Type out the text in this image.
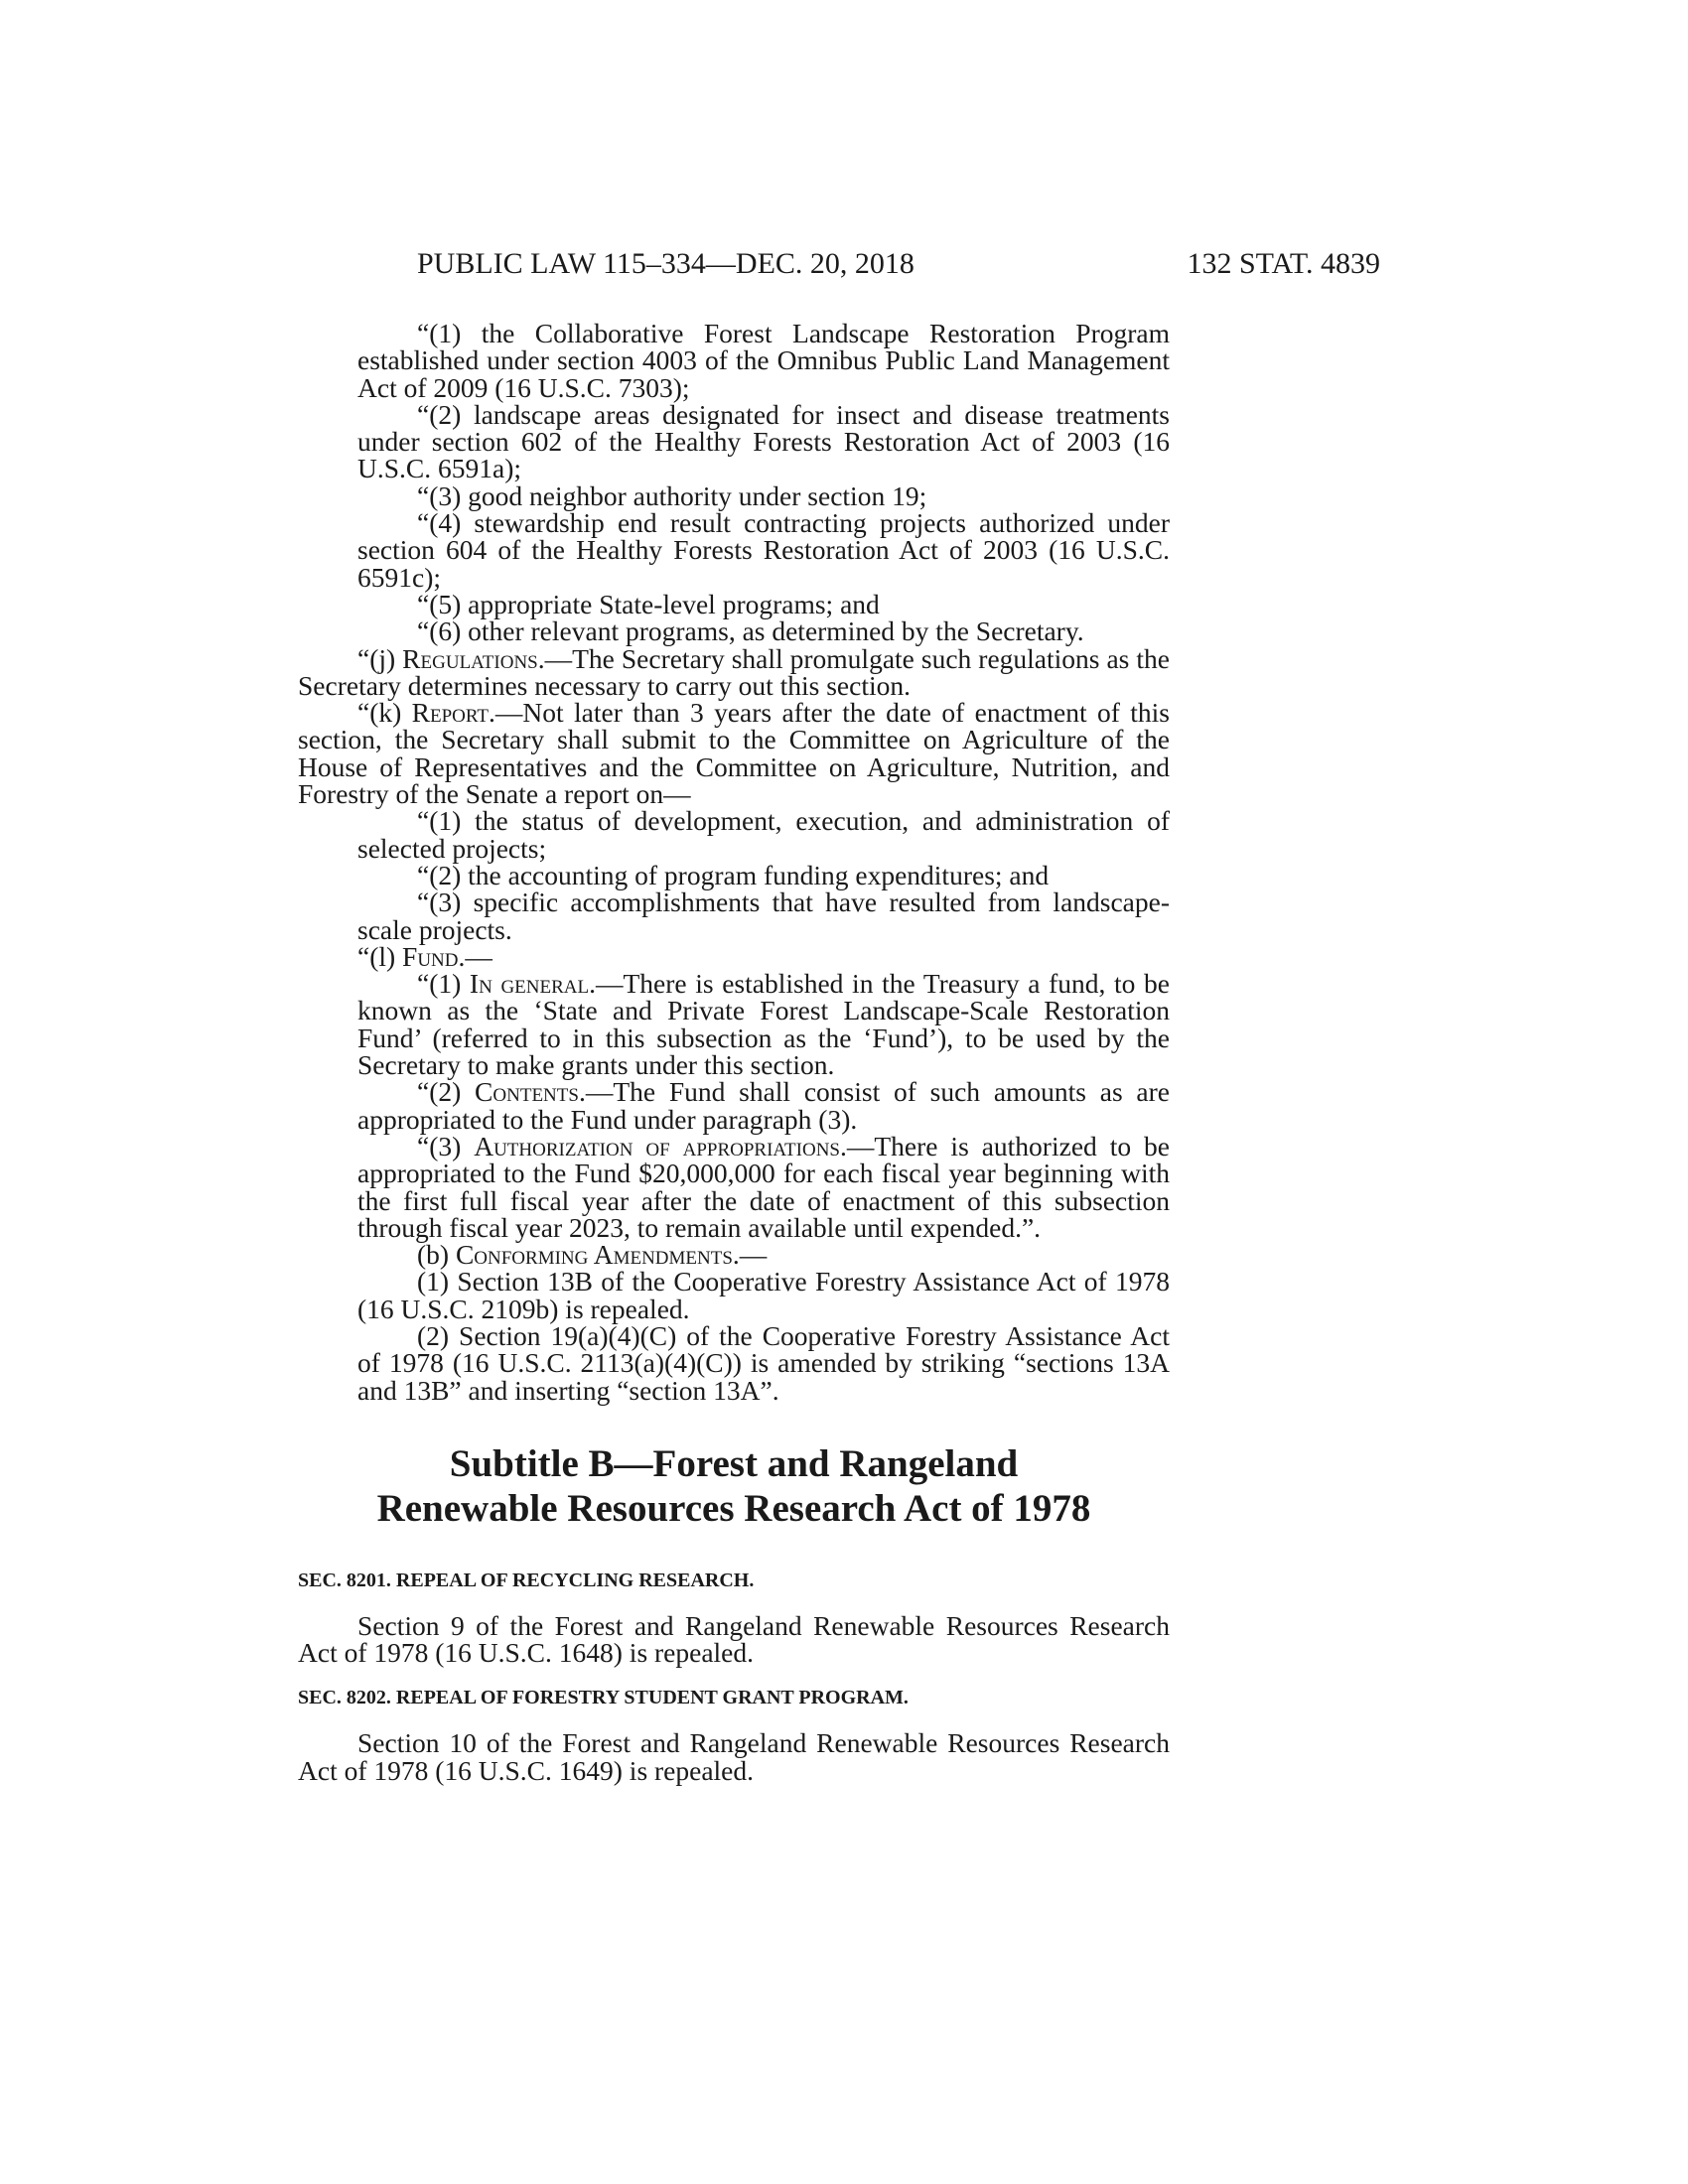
PUBLIC LAW 115–334—DEC. 20, 2018	132 STAT. 4839

“(1) the Collaborative Forest Landscape Restoration Program established under section 4003 of the Omnibus Public Land Management Act of 2009 (16 U.S.C. 7303);

“(2) landscape areas designated for insect and disease treatments under section 602 of the Healthy Forests Restoration Act of 2003 (16 U.S.C. 6591a);

“(3) good neighbor authority under section 19;

“(4) stewardship end result contracting projects authorized under section 604 of the Healthy Forests Restoration Act of 2003 (16 U.S.C. 6591c);

“(5) appropriate State-level programs; and

“(6) other relevant programs, as determined by the Secretary.

“(j) Regulations.—The Secretary shall promulgate such regulations as the Secretary determines necessary to carry out this section.

“(k) Report.—Not later than 3 years after the date of enactment of this section, the Secretary shall submit to the Committee on Agriculture of the House of Representatives and the Committee on Agriculture, Nutrition, and Forestry of the Senate a report on—

“(1) the status of development, execution, and administration of selected projects;

“(2) the accounting of program funding expenditures; and

“(3) specific accomplishments that have resulted from landscape-scale projects.

“(l) Fund.—

“(1) In general.—There is established in the Treasury a fund, to be known as the ‘State and Private Forest Landscape-Scale Restoration Fund’ (referred to in this subsection as the ‘Fund’), to be used by the Secretary to make grants under this section.

“(2) Contents.—The Fund shall consist of such amounts as are appropriated to the Fund under paragraph (3).

“(3) Authorization of appropriations.—There is authorized to be appropriated to the Fund $20,000,000 for each fiscal year beginning with the first full fiscal year after the date of enactment of this subsection through fiscal year 2023, to remain available until expended.”.

(b) Conforming Amendments.—

(1) Section 13B of the Cooperative Forestry Assistance Act of 1978 (16 U.S.C. 2109b) is repealed.

(2) Section 19(a)(4)(C) of the Cooperative Forestry Assistance Act of 1978 (16 U.S.C. 2113(a)(4)(C)) is amended by striking “sections 13A and 13B” and inserting “section 13A”.

Subtitle B—Forest and Rangeland
Renewable Resources Research Act of 1978
SEC. 8201. REPEAL OF RECYCLING RESEARCH.

Section 9 of the Forest and Rangeland Renewable Resources Research Act of 1978 (16 U.S.C. 1648) is repealed.

SEC. 8202. REPEAL OF FORESTRY STUDENT GRANT PROGRAM.

Section 10 of the Forest and Rangeland Renewable Resources Research Act of 1978 (16 U.S.C. 1649) is repealed.
